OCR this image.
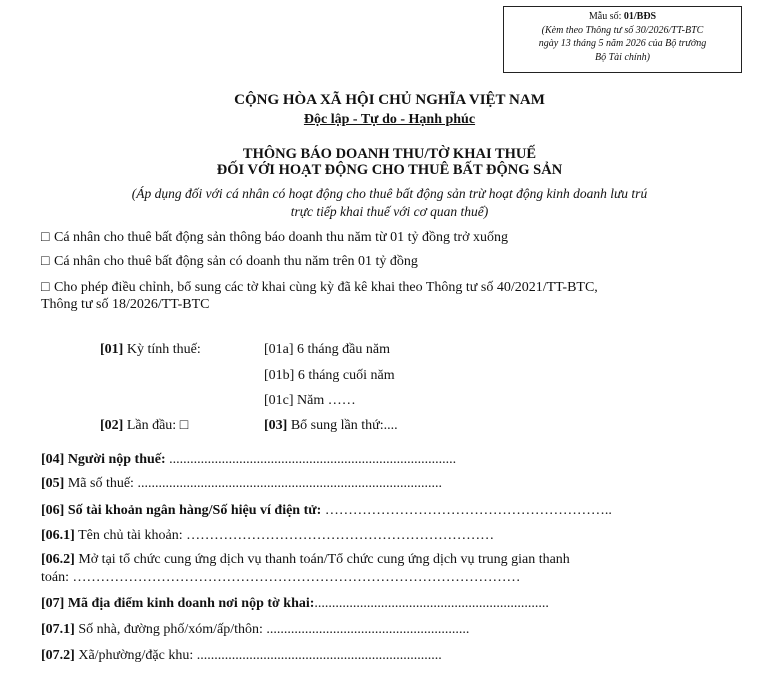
Mẫu số: 01/BĐS
(Kèm theo Thông tư số 30/2026/TT-BTC
ngày 13 tháng 5 năm 2026 của Bộ trưởng
Bộ Tài chính)
CỘNG HÒA XÃ HỘI CHỦ NGHĨA VIỆT NAM
Độc lập - Tự do - Hạnh phúc
THÔNG BÁO DOANH THU/TỜ KHAI THUẾ
ĐỐI VỚI HOẠT ĐỘNG CHO THUÊ BẤT ĐỘNG SẢN
(Áp dụng đối với cá nhân có hoạt động cho thuê bất động sản trừ hoạt động kinh doanh lưu trú
trực tiếp khai thuế với cơ quan thuế)
□ Cá nhân cho thuê bất động sản thông báo doanh thu năm từ 01 tỷ đồng trở xuống
□ Cá nhân cho thuê bất động sản có doanh thu năm trên 01 tỷ đồng
□ Cho phép điều chỉnh, bổ sung các tờ khai cùng kỳ đã kê khai theo Thông tư số 40/2021/TT-BTC,
Thông tư số 18/2026/TT-BTC
[01] Kỳ tính thuế:	[01a] 6 tháng đầu năm
[01b] 6 tháng cuối năm
[01c] Năm ……
[02] Lần đầu: □	[03] Bổ sung lần thứ:....
[04] Người nộp thuế: ..................................................................................
[05] Mã số thuế: .......................................................................................
[06] Số tài khoản ngân hàng/Số hiệu ví điện tử: ……………………………………………………..
[06.1] Tên chủ tài khoản: …………………………………………………………
[06.2] Mở tại tổ chức cung ứng dịch vụ thanh toán/Tổ chức cung ứng dịch vụ trung gian thanh
toán: ……………………………………………………………………………………
[07] Mã địa điểm kinh doanh nơi nộp tờ khai:...................................................................
[07.1] Số nhà, đường phố/xóm/ấp/thôn: ..........................................................
[07.2] Xã/phường/đặc khu: ......................................................................
